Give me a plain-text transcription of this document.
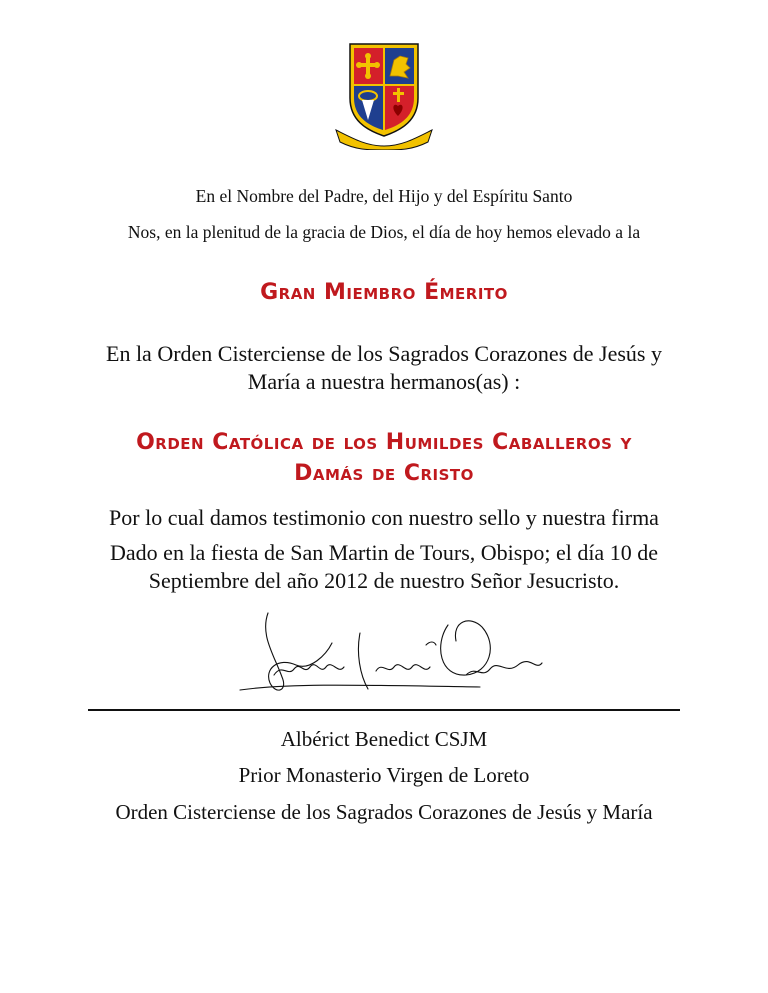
En el Nombre del Padre, del Hijo y del Espíritu Santo
Nos, en la plenitud de la gracia de Dios, el día de hoy hemos elevado a la
Gran Miembro Émerito
En la Orden Cisterciense de los Sagrados Corazones de Jesús y
María a nuestra hermanos(as) :
Orden Católica de los Humildes Caballeros y
Damás de Cristo
Por lo cual damos testimonio con nuestro sello y nuestra firma
Dado en la fiesta de San Martin de Tours, Obispo; el día 10 de
Septiembre del año 2012 de nuestro Señor Jesucristo.
Albérict Benedict CSJM
Prior Monasterio Virgen de Loreto
Orden Cisterciense de los Sagrados Corazones de Jesús y María
